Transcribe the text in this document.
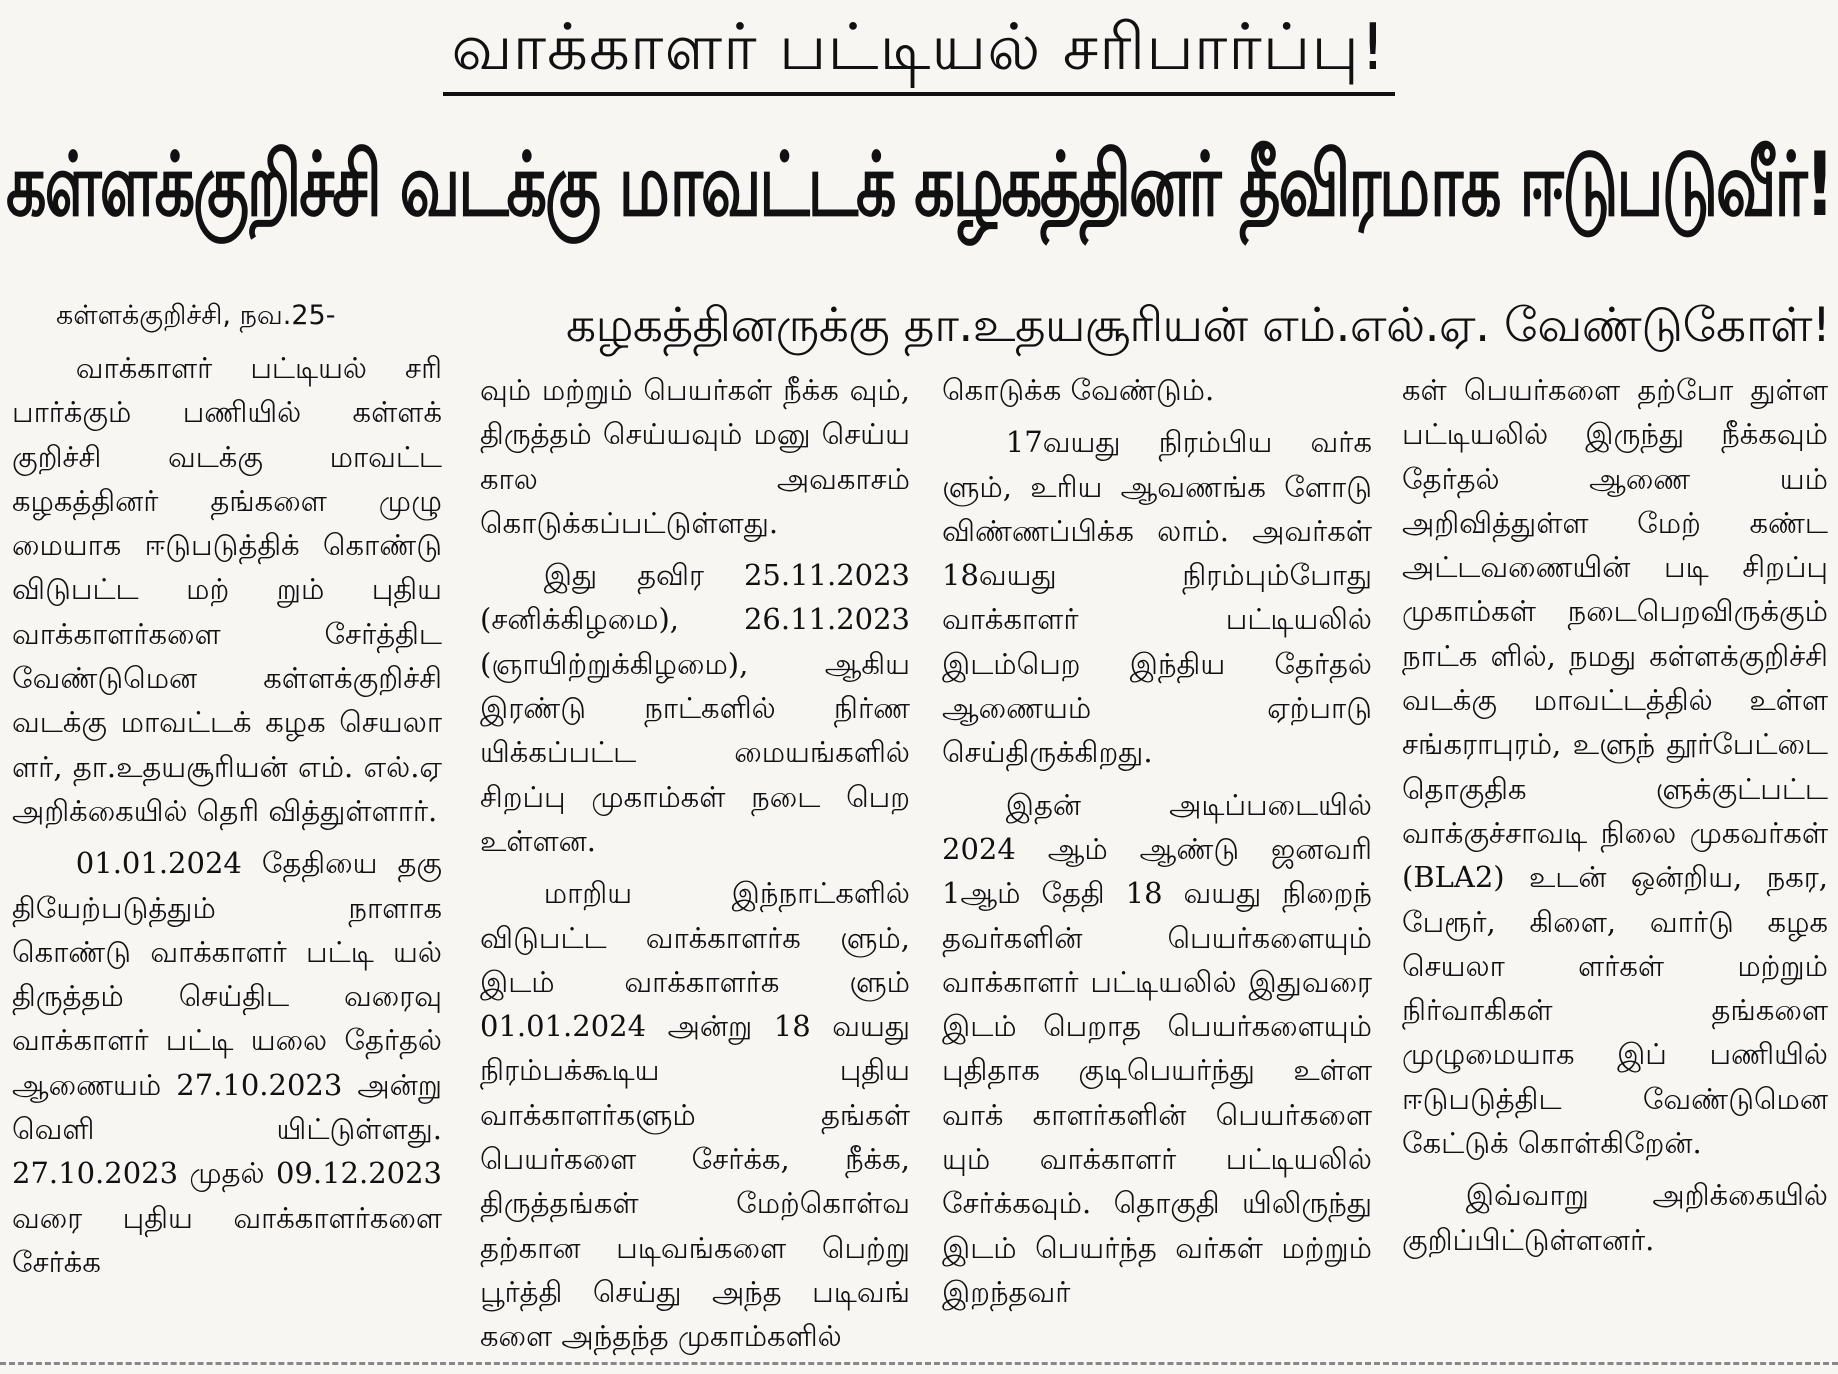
வாக்காளர் பட்டியல் சரிபார்ப்பு!
கள்ளக்குறிச்சி வடக்கு மாவட்டக் கழகத்தினர் தீவிரமாக ஈடுபடுவீர்!
கள்ளக்குறிச்சி, நவ.25-	கழகத்தினருக்கு தா.உதயசூரியன் எம்.எல்.ஏ. வேண்டுகோள்!

வாக்காளர் பட்டியல் சரி பார்க்கும் பணியில் கள்ளக் குறிச்சி வடக்கு மாவட்ட கழகத்தினர் தங்களை முழு மையாக ஈடுபடுத்திக் கொண்டு விடுபட்ட மற் றும் புதிய வாக்காளர்களை சேர்த்திட வேண்டுமென கள்ளக்குறிச்சி வடக்கு மாவட்டக் கழக செயலா ளர், தா.உதயசூரியன் எம். எல்.ஏ அறிக்கையில் தெரி வித்துள்ளார்.

01.01.2024 தேதியை தகு தியேற்படுத்தும் நாளாக கொண்டு வாக்காளர் பட்டி யல் திருத்தம் செய்திட வரைவு வாக்காளர் பட்டி யலை தேர்தல் ஆணையம் 27.10.2023 அன்று வெளி யிட்டுள்ளது. 27.10.2023 முதல் 09.12.2023 வரை புதிய வாக்காளர்களை சேர்க்க

வும் மற்றும் பெயர்கள் நீக்க வும், திருத்தம் செய்யவும் மனு செய்ய கால அவகாசம் கொடுக்கப்பட்டுள்ளது.

இது தவிர 25.11.2023 (சனிக்கிழமை), 26.11.2023 (ஞாயிற்றுக்கிழமை), ஆகிய இரண்டு நாட்களில் நிர்ண யிக்கப்பட்ட மையங்களில் சிறப்பு முகாம்கள் நடை பெற உள்ளன.

மாறிய இந்நாட்களில் விடுபட்ட வாக்காளர்க ளும், இடம் வாக்காளர்க ளும் 01.01.2024 அன்று 18 வயது நிரம்பக்கூடிய புதிய வாக்காளர்களும் தங்கள் பெயர்களை சேர்க்க, நீக்க, திருத்தங்கள் மேற்கொள்வ தற்கான படிவங்களை பெற்று பூர்த்தி செய்து அந்த படிவங் களை அந்தந்த முகாம்களில்

கொடுக்க வேண்டும்.

17வயது நிரம்பிய வர்க ளும், உரிய ஆவணங்க ளோடு விண்ணப்பிக்க லாம். அவர்கள் 18வயது நிரம்பும்போது வாக்காளர் பட்டியலில் இடம்பெற இந்திய தேர்தல் ஆணையம் ஏற்பாடு செய்திருக்கிறது.

இதன் அடிப்படையில் 2024 ஆம் ஆண்டு ஜனவரி 1ஆம் தேதி 18 வயது நிறைந் தவர்களின் பெயர்களையும் வாக்காளர் பட்டியலில் இதுவரை இடம் பெறாத பெயர்களையும் புதிதாக குடிபெயர்ந்து உள்ள வாக் காளர்களின் பெயர்களை யும் வாக்காளர் பட்டியலில் சேர்க்கவும். தொகுதி யிலிருந்து இடம் பெயர்ந்த வர்கள் மற்றும் இறந்தவர்

கள் பெயர்களை தற்போ துள்ள பட்டியலில் இருந்து நீக்கவும் தேர்தல் ஆணை யம் அறிவித்துள்ள மேற் கண்ட அட்டவணையின் படி சிறப்பு முகாம்கள் நடைபெறவிருக்கும் நாட்க ளில், நமது கள்ளக்குறிச்சி வடக்கு மாவட்டத்தில் உள்ள சங்கராபுரம், உளுந் தூர்பேட்டை தொகுதிக ளுக்குட்பட்ட வாக்குச்சாவடி நிலை முகவர்கள் (BLA2) உடன் ஒன்றிய, நகர, பேரூர், கிளை, வார்டு கழக செயலா ளர்கள் மற்றும் நிர்வாகிகள் தங்களை முழுமையாக இப் பணியில் ஈடுபடுத்திட வேண்டுமென கேட்டுக் கொள்கிறேன்.

இவ்வாறு அறிக்கையில் குறிப்பிட்டுள்ளனர்.
